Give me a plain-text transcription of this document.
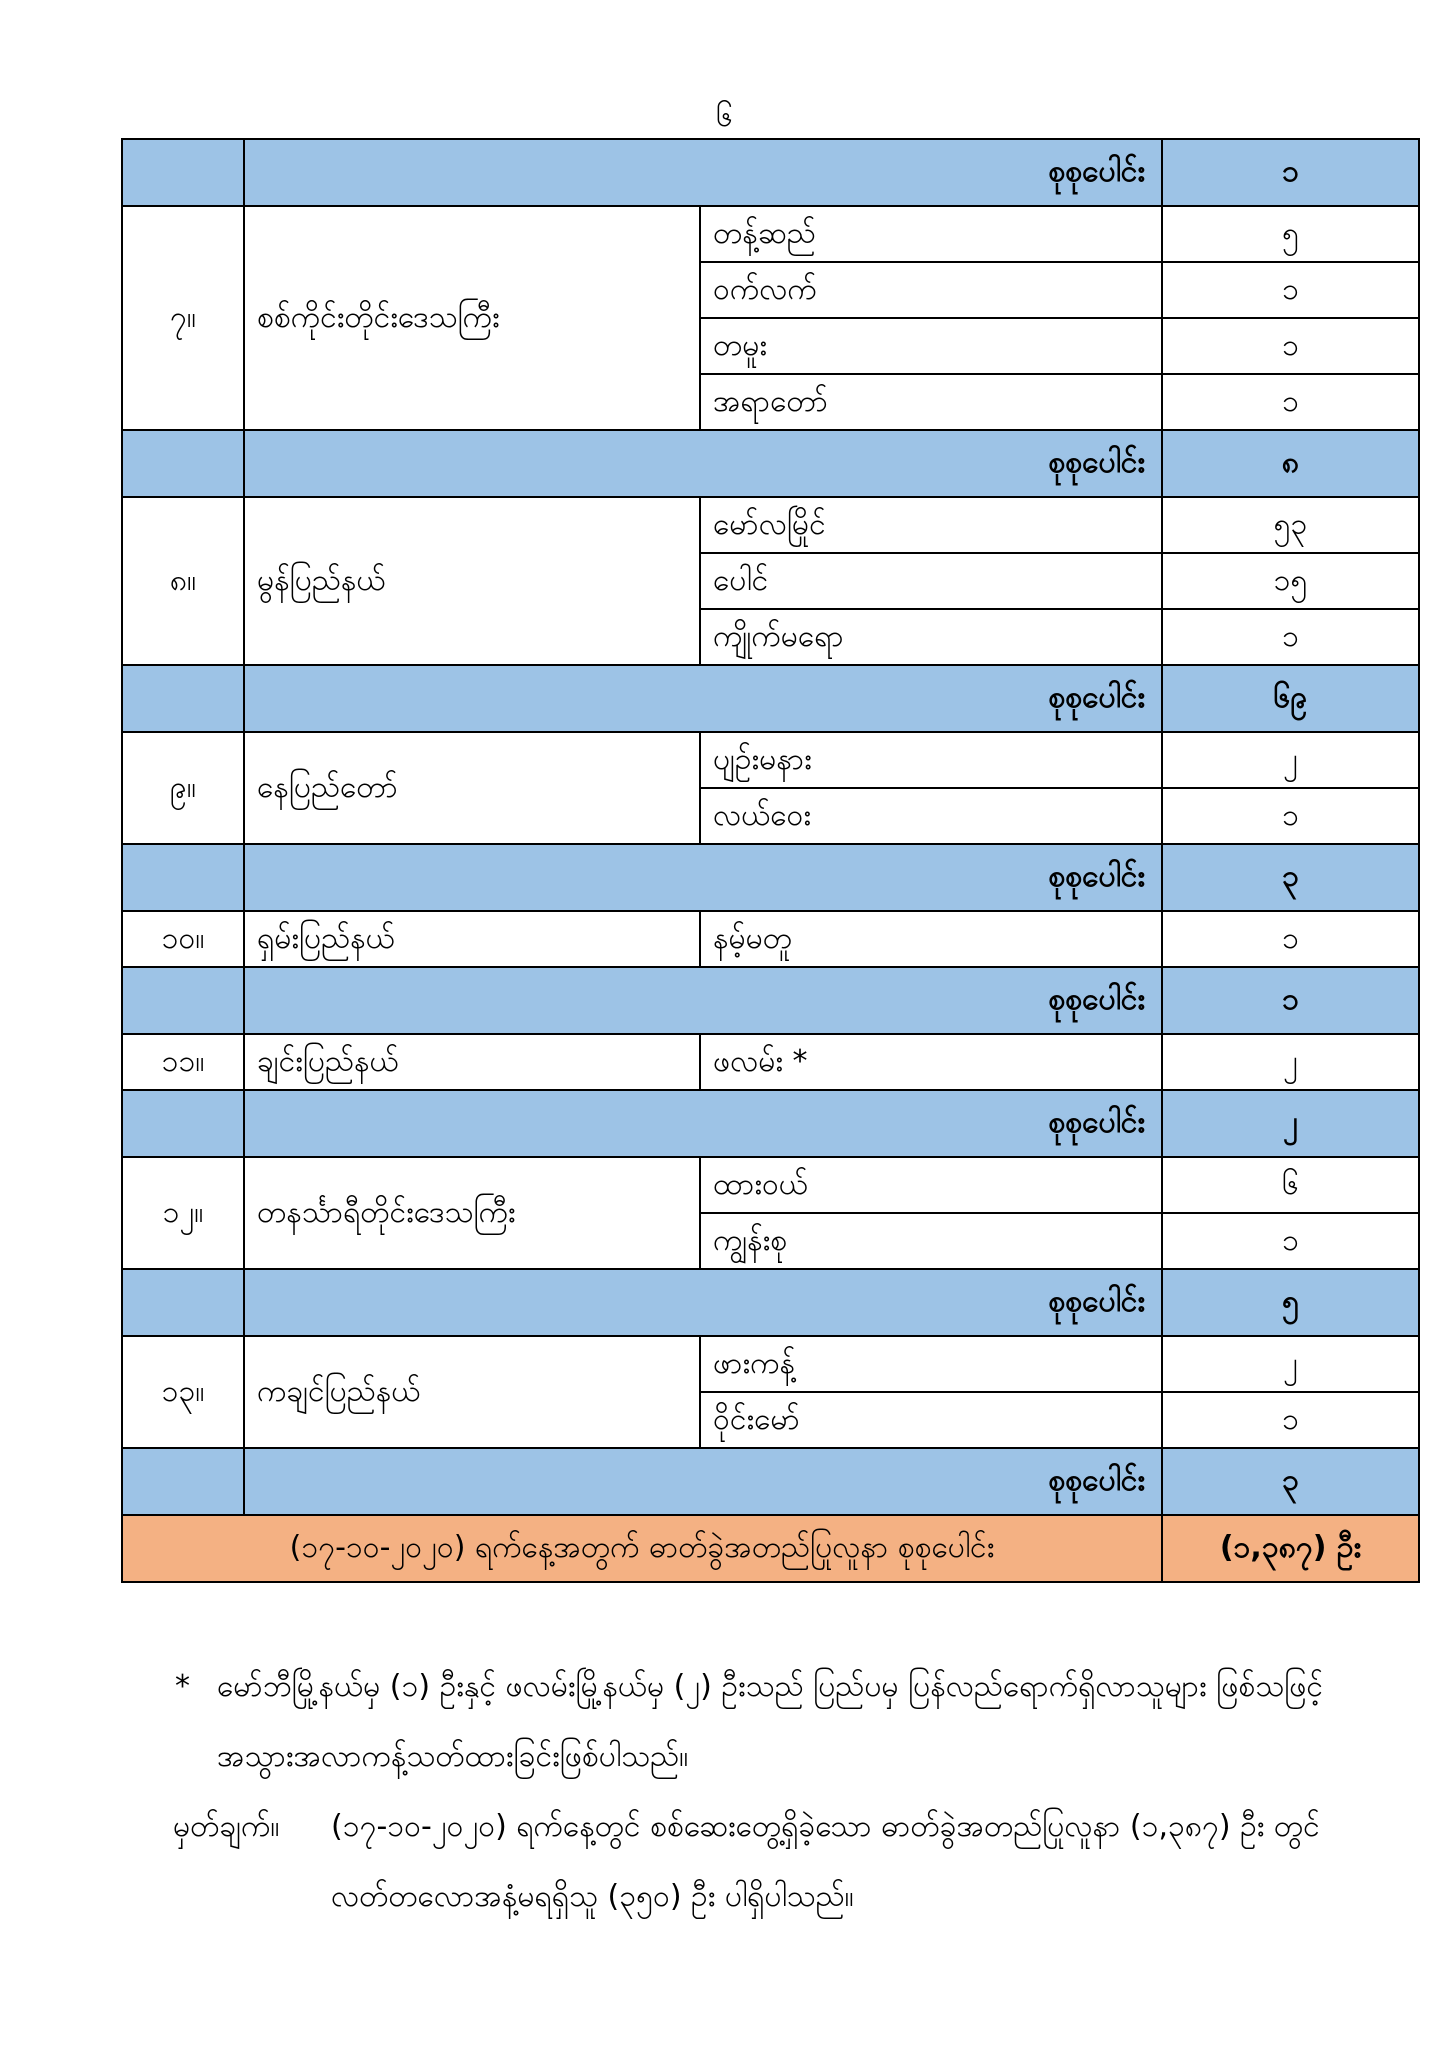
၆
	စုစုပေါင်း		၁
၇။	စစ်ကိုင်းတိုင်းဒေသကြီး	တန့်ဆည်	၅
		ဝက်လက်	၁
		တမူး	၁
		အရာတော်	၁
	စုစုပေါင်း		၈
၈။	မွန်ပြည်နယ်	မော်လမြိုင်	၅၃
		ပေါင်	၁၅
		ကျိုက်မရော	၁
	စုစုပေါင်း		၆၉
၉။	နေပြည်တော်	ပျဉ်းမနား	၂
		လယ်ဝေး	၁
	စုစုပေါင်း		၃
၁၀။	ရှမ်းပြည်နယ်	နမ့်မတူ	၁
	စုစုပေါင်း		၁
၁၁။	ချင်းပြည်နယ်	ဖလမ်း *	၂
	စုစုပေါင်း		၂
၁၂။	တနင်္သာရီတိုင်းဒေသကြီး	ထားဝယ်	၆
		ကျွန်းစု	၁
	စုစုပေါင်း		၅
၁၃။	ကချင်ပြည်နယ်	ဖားကန့်	၂
		ဝိုင်းမော်	၁
	စုစုပေါင်း		၃
(၁၇-၁၀-၂၀၂၀) ရက်နေ့အတွက် ဓာတ်ခွဲအတည်ပြုလူနာ စုစုပေါင်း			(၁,၃၈၇) ဦး
* မော်ဘီမြို့နယ်မှ (၁) ဦးနှင့် ဖလမ်းမြို့နယ်မှ (၂) ဦးသည် ပြည်ပမှ ပြန်လည်ရောက်ရှိလာသူများ ဖြစ်သဖြင့် အသွားအလာကန့်သတ်ထားခြင်းဖြစ်ပါသည်။
မှတ်ချက်။	(၁၇-၁၀-၂၀၂၀) ရက်နေ့တွင် စစ်ဆေးတွေ့ရှိခဲ့သော ဓာတ်ခွဲအတည်ပြုလူနာ (၁,၃၈၇) ဦး တွင် လတ်တလောအနံ့မရရှိသူ (၃၅၀) ဦး ပါရှိပါသည်။
